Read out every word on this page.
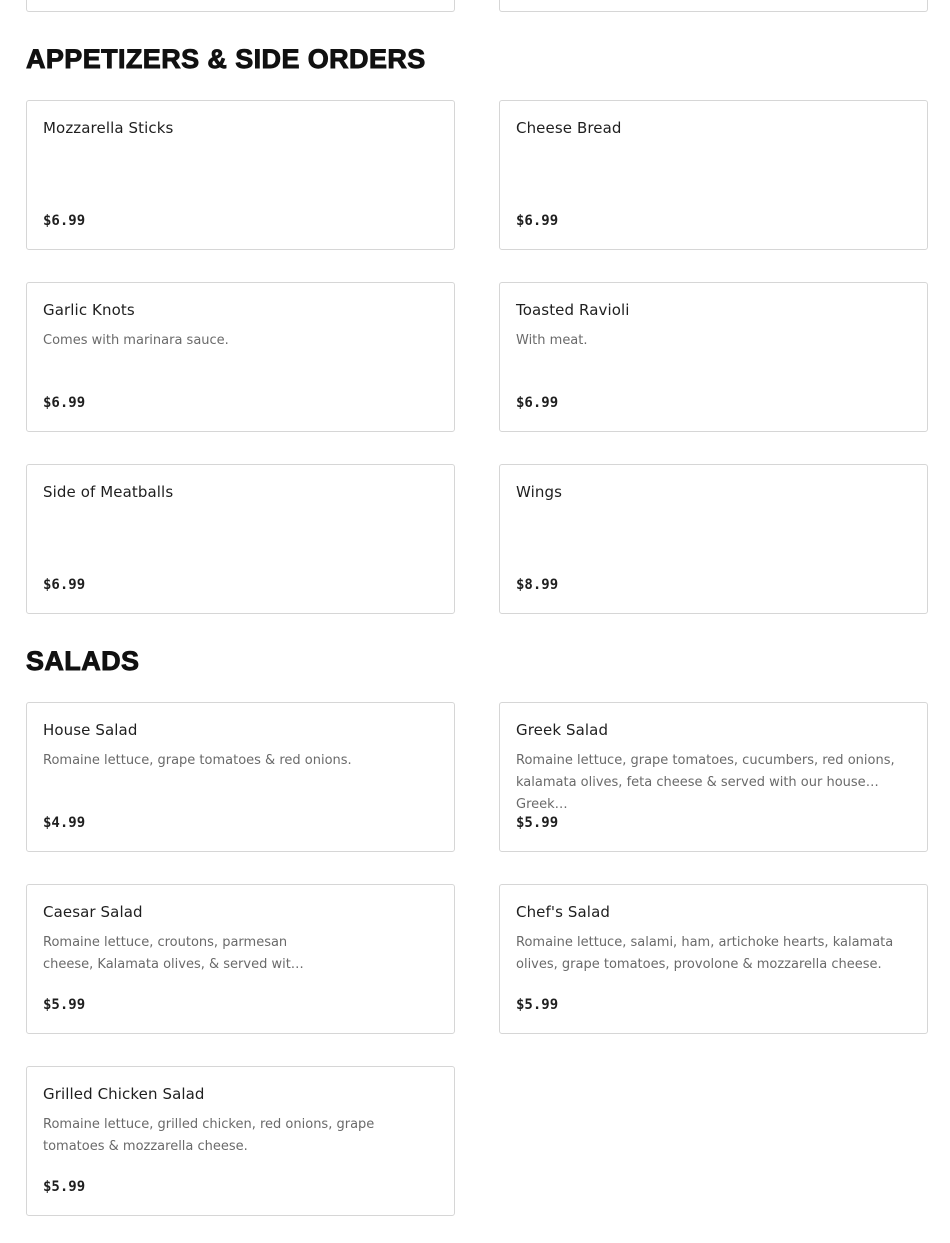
APPETIZERS & SIDE ORDERS
Mozzarella Sticks
$6.99
Cheese Bread
$6.99
Garlic Knots
Comes with marinara sauce.
$6.99
Toasted Ravioli
With meat.
$6.99
Side of Meatballs
$6.99
Wings
$8.99
SALADS
House Salad
Romaine lettuce, grape tomatoes & red onions.
$4.99
Greek Salad
Romaine lettuce, grape tomatoes, cucumbers, red onions, kalamata olives, feta cheese & served with our house Greek…
$5.99
Caesar Salad
Romaine lettuce, croutons, parmesan cheese, Kalamata olives, & served wit…
$5.99
Chef's Salad
Romaine lettuce, salami, ham, artichoke hearts, kalamata olives, grape tomatoes, provolone & mozzarella cheese.
$5.99
Grilled Chicken Salad
Romaine lettuce, grilled chicken, red onions, grape tomatoes & mozzarella cheese.
$5.99
